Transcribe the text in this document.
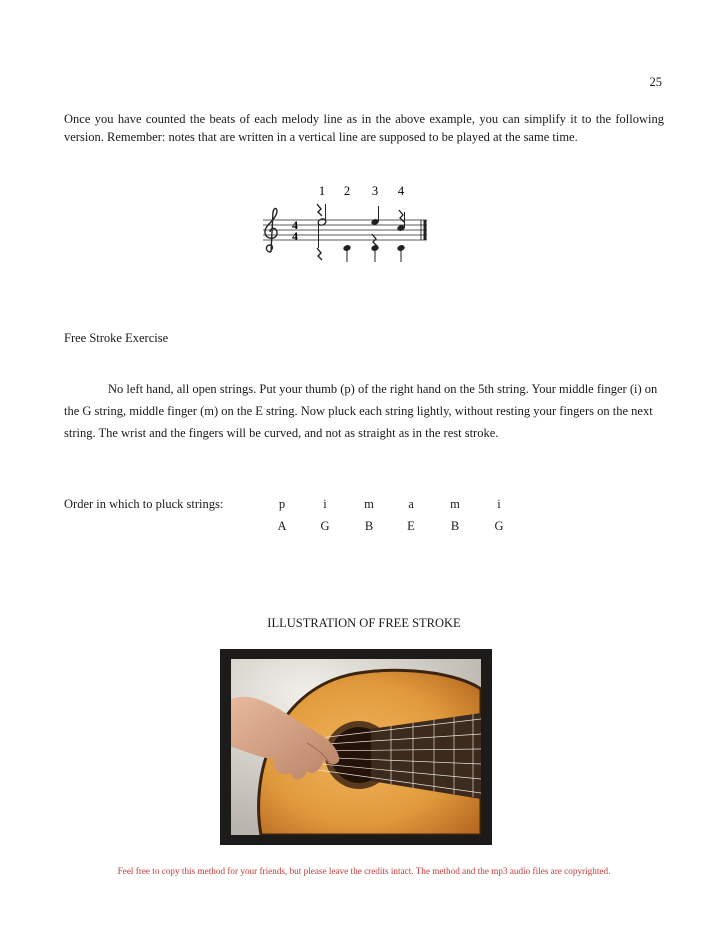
25

Once you have counted the beats of each melody line as in the above example, you can simplify it to the following version. Remember: notes that are written in a vertical line are supposed to be played at the same time.

1 2 3 4
4
4
Free Stroke Exercise

No left hand, all open strings. Put your thumb (p) of the right hand on the 5th string. Your middle finger (i) on the G string, middle finger (m) on the E string. Now pluck each string lightly, without resting your fingers on the next string. The wrist and the fingers will be curved, and not as straight as in the rest stroke.

Order in which to pluck strings:	p	i	m	a	m	i
A	G	B	E	B	G
ILLUSTRATION OF FREE STROKE
Feel free to copy this method for your friends, but please leave the credits intact. The method and the mp3 audio files are copyrighted.
